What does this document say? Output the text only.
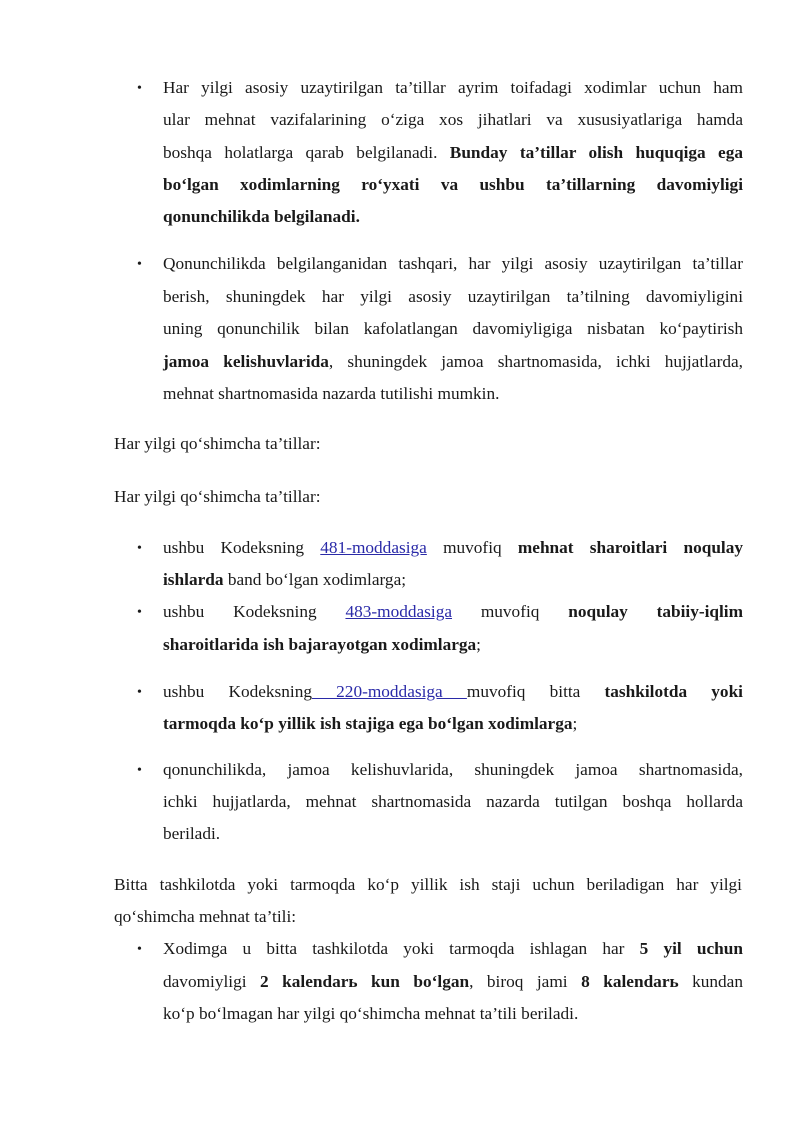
• Har yilgi asosiy uzaytirilgan ta’tillar ayrim toifadagi xodimlar uchun ham
ular mehnat vazifalarining o‘ziga xos jihatlari va xususiyatlariga hamda
boshqa holatlarga qarab belgilanadi. Bunday ta’tillar olish huquqiga ega
bo‘lgan xodimlarning ro‘yxati va ushbu ta’tillarning davomiyligi
qonunchilikda belgilanadi.
• Qonunchilikda belgilanganidan tashqari, har yilgi asosiy uzaytirilgan ta’tillar
berish, shuningdek har yilgi asosiy uzaytirilgan ta’tilning davomiyligini
uning qonunchilik bilan kafolatlangan davomiyligiga nisbatan ko‘paytirish
jamoa kelishuvlarida, shuningdek jamoa shartnomasida, ichki hujjatlarda,
mehnat shartnomasida nazarda tutilishi mumkin.
Har yilgi qo‘shimcha ta’tillar:
Har yilgi qo‘shimcha ta’tillar:
• ushbu Kodeksning 481-moddasiga muvofiq mehnat sharoitlari noqulay
ishlarda band bo‘lgan xodimlarga;
• ushbu Kodeksning 483-moddasiga muvofiq noqulay tabiiy-iqlim
sharoitlarida ish bajarayotgan xodimlarga;
• ushbu Kodeksning 220-moddasiga muvofiq bitta tashkilotda yoki
tarmoqda ko‘p yillik ish stajiga ega bo‘lgan xodimlarga;
• qonunchilikda, jamoa kelishuvlarida, shuningdek jamoa shartnomasida,
ichki hujjatlarda, mehnat shartnomasida nazarda tutilgan boshqa hollarda
beriladi.
Bitta tashkilotda yoki tarmoqda ko‘p yillik ish staji uchun beriladigan har yilgi
qo‘shimcha mehnat ta’tili:
• Xodimga u bitta tashkilotda yoki tarmoqda ishlagan har 5 yil uchun
davomiyligi 2 kalendarь kun bo‘lgan, biroq jami 8 kalendarь kundan
ko‘p bo‘lmagan har yilgi qo‘shimcha mehnat ta’tili beriladi.
